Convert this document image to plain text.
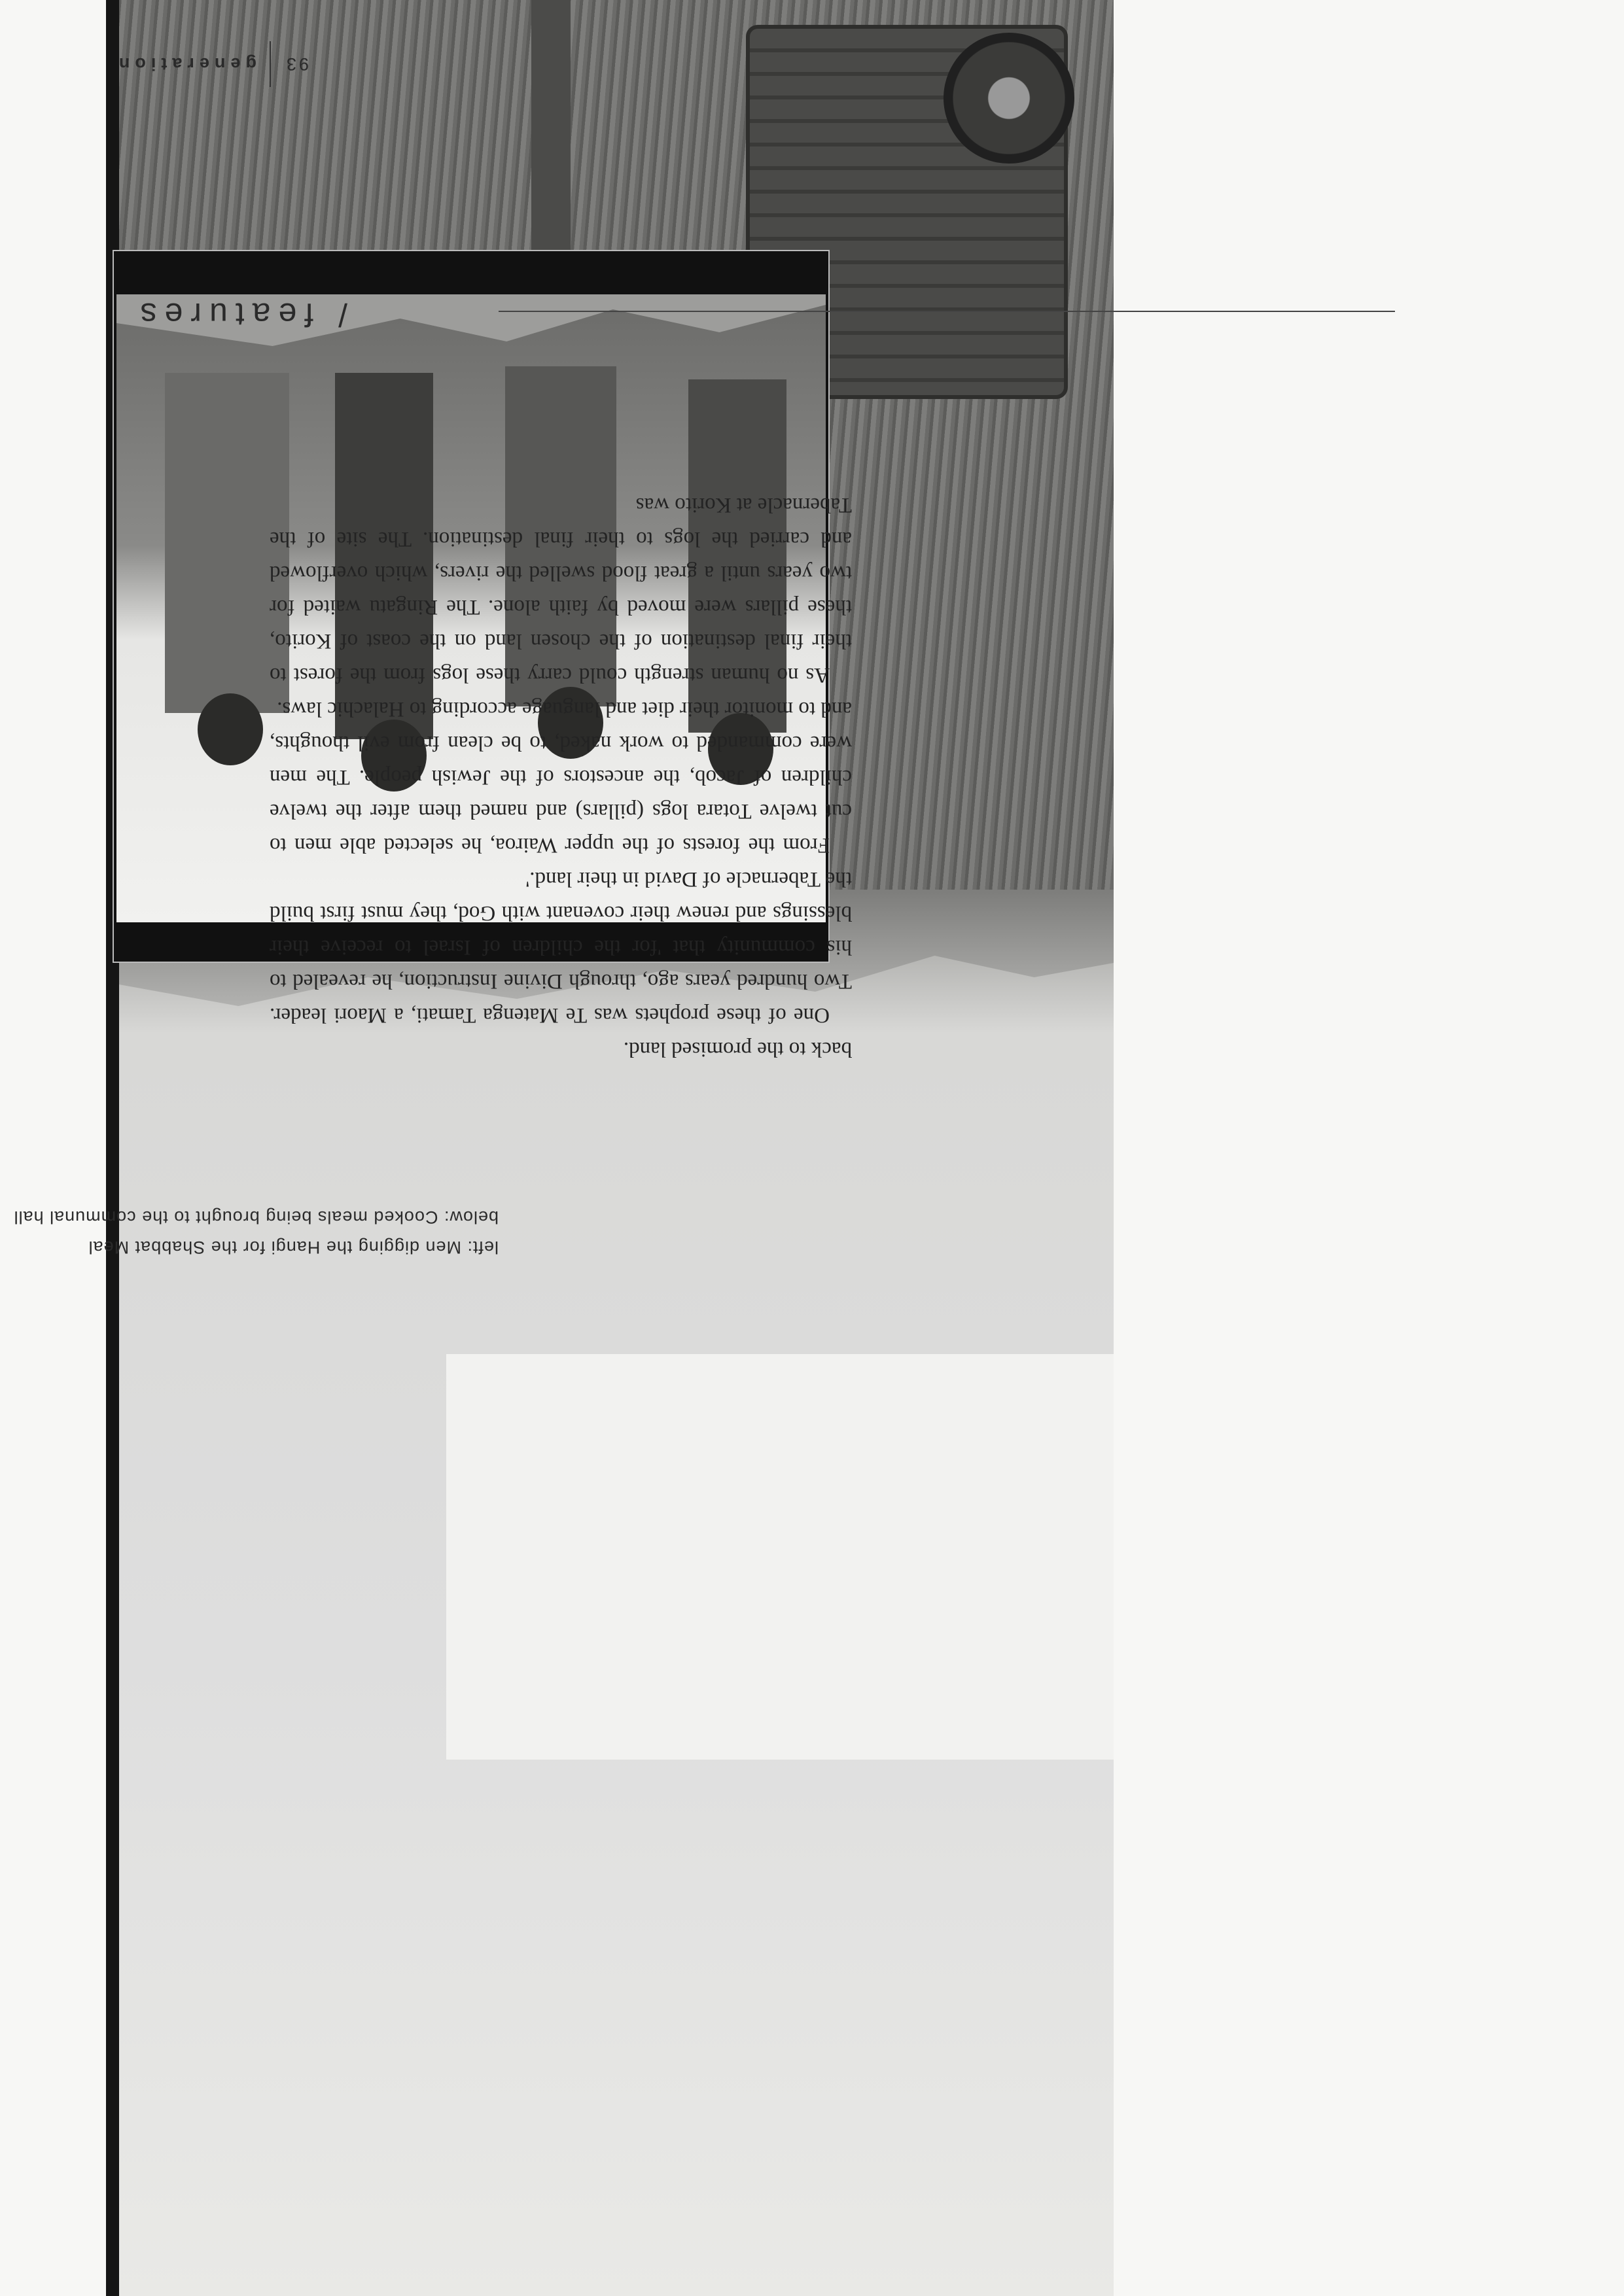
93
generation
/ features
left: Men digging the Hangi for the Shabbat Meal
below: Cooked meals being brought to the communal hall

back to the promised land.

One of these prophets was Te Matenga Tamati, a Maori leader. Two hundred years ago, through Divine Instruction, he revealed to his community that 'for the children of Israel to receive their blessings and renew their covenant with God, they must first build the Tabernacle of David in their land.'

From the forests of the upper Wairoa, he selected able men to cut twelve Totara logs (pillars) and named them after the twelve children of Jacob, the ancestors of the Jewish people. The men were commanded to work naked, to be clean from evil thoughts, and to monitor their diet and language according to Halachic laws.

As no human strength could carry these logs from the forest to their final destination of the chosen land on the coast of Korito, these pillars were moved by faith alone. The Ringatu waited for two years until a great flood swelled the rivers, which overflowed and carried the logs to their final destination. The site of the Tabernacle at Korito was
